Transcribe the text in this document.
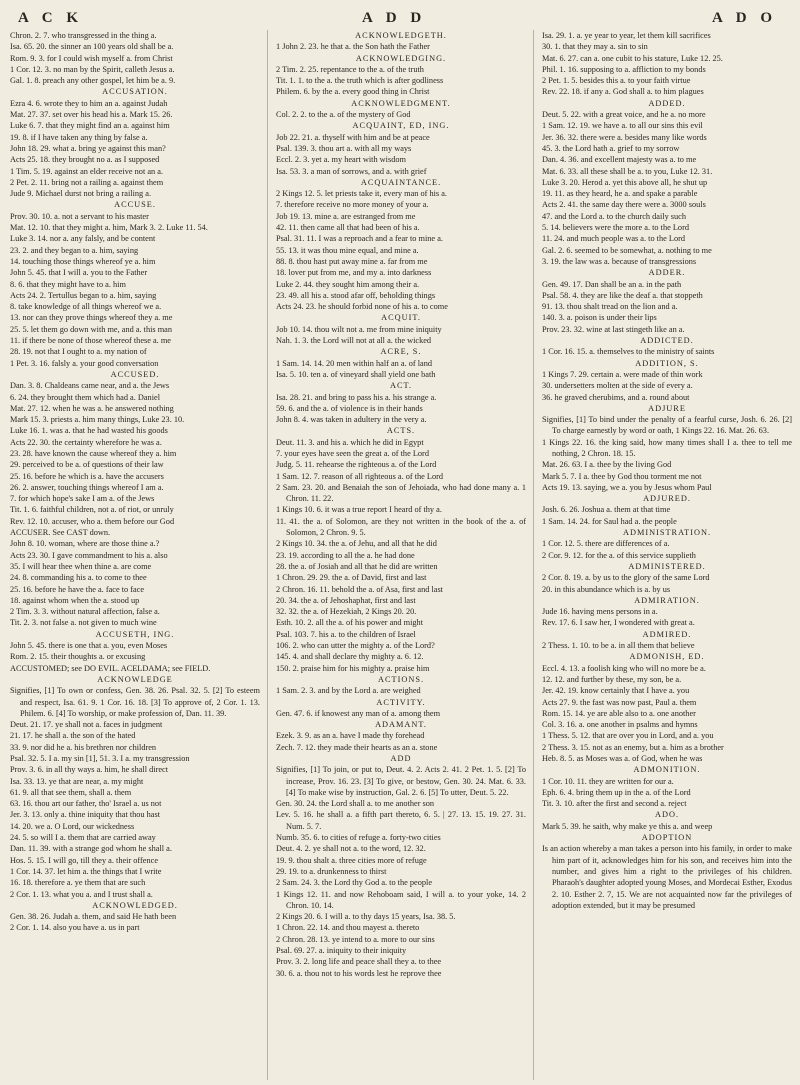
A C K	A D D	A D O

Chron. 2. 7. who transgressed in the thing a.

Isa. 65. 20. the sinner an 100 years old shall be a.

Rom. 9. 3. for I could wish myself a. from Christ

1 Cor. 12. 3. no man by the Spirit, calleth Jesus a.

Gal. 1. 8. preach any other gospel, let him be a. 9.

ACCUSATION.

Ezra 4. 6. wrote they to him an a. against Judah

Mat. 27. 37. set over his head his a. Mark 15. 26.

Luke 6. 7. that they might find an a. against him

19. 8. if I have taken any thing by false a.

John 18. 29. what a. bring ye against this man?

Acts 25. 18. they brought no a. as I supposed

1 Tim. 5. 19. against an elder receive not an a.

2 Pet. 2. 11. bring not a railing a. against them

Jude 9. Michael durst not bring a railing a.

ACCUSE.

Prov. 30. 10. a. not a servant to his master

Mat. 12. 10. that they might a. him, Mark 3. 2. Luke 11. 54.

Luke 3. 14. nor a. any falsly, and be content

23. 2. and they began to a. him, saying

14. touching those things whereof ye a. him

John 5. 45. that I will a. you to the Father

8. 6. that they might have to a. him

Acts 24. 2. Tertullus began to a. him, saying

8. take knowledge of all things whereof we a.

13. nor can they prove things whereof they a. me

25. 5. let them go down with me, and a. this man

11. if there be none of those whereof these a. me

28. 19. not that I ought to a. my nation of

1 Pet. 3. 16. falsly a. your good conversation

ACCUSED.

Dan. 3. 8. Chaldeans came near, and a. the Jews

6. 24. they brought them which had a. Daniel

Mat. 27. 12. when he was a. he answered nothing

Mark 15. 3. priests a. him many things, Luke 23. 10.

Luke 16. 1. was a. that he had wasted his goods

Acts 22. 30. the certainty wherefore he was a.

23. 28. have known the cause whereof they a. him

29. perceived to be a. of questions of their law

25. 16. before he which is a. have the accusers

26. 2. answer, touching things whereof I am a.

7. for which hope's sake I am a. of the Jews

Tit. 1. 6. faithful children, not a. of riot, or unruly

Rev. 12. 10. accuser, who a. them before our God

ACCUSER. See CAST down.

John 8. 10. woman, where are those thine a.?

Acts 23. 30. I gave commandment to his a. also

35. I will hear thee when thine a. are come

24. 8. commanding his a. to come to thee

25. 16. before he have the a. face to face

18. against whom when the a. stood up

2 Tim. 3. 3. without natural affection, false a.

Tit. 2. 3. not false a. not given to much wine

ACCUSETH, ING.

John 5. 45. there is one that a. you, even Moses

Rom. 2. 15. their thoughts a. or excusing

ACCUSTOMED; see DO EVIL. ACELDAMA; see FIELD.

ACKNOWLEDGE

Signifies, [1] To own or confess, Gen. 38. 26. Psal. 32. 5. [2] To esteem and respect, Isa. 61. 9. 1 Cor. 16. 18. [3] To approve of, 2 Cor. 1. 13. Philem. 6. [4] To worship, or make profession of, Dan. 11. 39.

Deut. 21. 17. ye shall not a. faces in judgment

21. 17. he shall a. the son of the hated

33. 9. nor did he a. his brethren nor children

Psal. 32. 5. I a. my sin [1], 51. 3. I a. my transgression

Prov. 3. 6. in all thy ways a. him, he shall direct

Isa. 33. 13. ye that are near, a. my might

61. 9. all that see them, shall a. them

63. 16. thou art our father, tho' Israel a. us not

Jer. 3. 13. only a. thine iniquity that thou hast

14. 20. we a. O Lord, our wickedness

24. 5. so will I a. them that are carried away

Dan. 11. 39. with a strange god whom he shall a.

Hos. 5. 15. I will go, till they a. their offence

1 Cor. 14. 37. let him a. the things that I write

16. 18. therefore a. ye them that are such

2 Cor. 1. 13. what you a. and I trust shall a.

ACKNOWLEDGED.

Gen. 38. 26. Judah a. them, and said He hath been

2 Cor. 1. 14. also you have a. us in part

ACKNOWLEDGETH.

1 John 2. 23. he that a. the Son hath the Father

ACKNOWLEDGING.

2 Tim. 2. 25. repentance to the a. of the truth

Tit. 1. 1. to the a. the truth which is after godliness

Philem. 6. by the a. every good thing in Christ

ACKNOWLEDGMENT.

Col. 2. 2. to the a. of the mystery of God

ACQUAINT, ED, ING.

Job 22. 21. a. thyself with him and be at peace

Psal. 139. 3. thou art a. with all my ways

Eccl. 2. 3. yet a. my heart with wisdom

Isa. 53. 3. a man of sorrows, and a. with grief

ACQUAINTANCE.

2 Kings 12. 5. let priests take it, every man of his a.

7. therefore receive no more money of your a.

Job 19. 13. mine a. are estranged from me

42. 11. then came all that had been of his a.

Psal. 31. 11. I was a reproach and a fear to mine a.

55. 13. it was thou mine equal, and mine a.

88. 8. thou hast put away mine a. far from me

18. lover put from me, and my a. into darkness

Luke 2. 44. they sought him among their a.

23. 49. all his a. stood afar off, beholding things

Acts 24. 23. he should forbid none of his a. to come

ACQUIT.

Job 10. 14. thou wilt not a. me from mine iniquity

Nah. 1. 3. the Lord will not at all a. the wicked

ACRE, S.

1 Sam. 14. 14. 20 men within half an a. of land

Isa. 5. 10. ten a. of vineyard shall yield one bath

ACT.

Isa. 28. 21. and bring to pass his a. his strange a.

59. 6. and the a. of violence is in their hands

John 8. 4. was taken in adultery in the very a.

ACTS.

Deut. 11. 3. and his a. which he did in Egypt

7. your eyes have seen the great a. of the Lord

Judg. 5. 11. rehearse the righteous a. of the Lord

1 Sam. 12. 7. reason of all righteous a. of the Lord

2 Sam. 23. 20. and Benaiah the son of Jehoiada, who had done many a. 1 Chron. 11. 22.

1 Kings 10. 6. it was a true report I heard of thy a.

11. 41. the a. of Solomon, are they not written in the book of the a. of Solomon, 2 Chron. 9. 5.

2 Kings 10. 34. the a. of Jehu, and all that he did

23. 19. according to all the a. he had done

28. the a. of Josiah and all that he did are written

1 Chron. 29. 29. the a. of David, first and last

2 Chron. 16. 11. behold the a. of Asa, first and last

20. 34. the a. of Jehoshaphat, first and last

32. 32. the a. of Hezekiah, 2 Kings 20. 20.

Esth. 10. 2. all the a. of his power and might

Psal. 103. 7. his a. to the children of Israel

106. 2. who can utter the mighty a. of the Lord?

145. 4. and shall declare thy mighty a. 6. 12.

150. 2. praise him for his mighty a. praise him

ACTIONS.

1 Sam. 2. 3. and by the Lord a. are weighed

ACTIVITY.

Gen. 47. 6. if knowest any man of a. among them

ADAMANT.

Ezek. 3. 9. as an a. have I made thy forehead

Zech. 7. 12. they made their hearts as an a. stone

ADD

Signifies, [1] To join, or put to, Deut. 4. 2. Acts 2. 41. 2 Pet. 1. 5. [2] To increase, Prov. 16. 23. [3] To give, or bestow, Gen. 30. 24. Mat. 6. 33. [4] To make wise by instruction, Gal. 2. 6. [5] To utter, Deut. 5. 22.

Gen. 30. 24. the Lord shall a. to me another son

Lev. 5. 16. he shall a. a fifth part thereto, 6. 5. | 27. 13. 15. 19. 27. 31. Num. 5. 7.

Numb. 35. 6. to cities of refuge a. forty-two cities

Deut. 4. 2. ye shall not a. to the word, 12. 32.

19. 9. thou shalt a. three cities more of refuge

29. 19. to a. drunkenness to thirst

2 Sam. 24. 3. the Lord thy God a. to the people

1 Kings 12. 11. and now Rehoboam said, I will a. to your yoke, 14. 2 Chron. 10. 14.

2 Kings 20. 6. I will a. to thy days 15 years, Isa. 38. 5.

1 Chron. 22. 14. and thou mayest a. thereto

2 Chron. 28. 13. ye intend to a. more to our sins

Psal. 69. 27. a. iniquity to their iniquity

Prov. 3. 2. long life and peace shall they a. to thee

30. 6. a. thou not to his words lest he reprove thee

Isa. 29. 1. a. ye year to year, let them kill sacrifices

30. 1. that they may a. sin to sin

Mat. 6. 27. can a. one cubit to his stature, Luke 12. 25.

Phil. 1. 16. supposing to a. affliction to my bonds

2 Pet. 1. 5. besides this a. to your faith virtue

Rev. 22. 18. if any a. God shall a. to him plagues

ADDED.

Deut. 5. 22. with a great voice, and he a. no more

1 Sam. 12. 19. we have a. to all our sins this evil

Jer. 36. 32. there were a. besides many like words

45. 3. the Lord hath a. grief to my sorrow

Dan. 4. 36. and excellent majesty was a. to me

Mat. 6. 33. all these shall be a. to you, Luke 12. 31.

Luke 3. 20. Herod a. yet this above all, he shut up

19. 11. as they heard, he a. and spake a parable

Acts 2. 41. the same day there were a. 3000 souls

47. and the Lord a. to the church daily such

5. 14. believers were the more a. to the Lord

11. 24. and much people was a. to the Lord

Gal. 2. 6. seemed to be somewhat, a. nothing to me

3. 19. the law was a. because of transgressions

ADDER.

Gen. 49. 17. Dan shall be an a. in the path

Psal. 58. 4. they are like the deaf a. that stoppeth

91. 13. thou shalt tread on the lion and a.

140. 3. a. poison is under their lips

Prov. 23. 32. wine at last stingeth like an a.

ADDICTED.

1 Cor. 16. 15. a. themselves to the ministry of saints

ADDITION, S.

1 Kings 7. 29. certain a. were made of thin work

30. undersetters molten at the side of every a.

36. he graved cherubims, and a. round about

ADJURE

Signifies, [1] To bind under the penalty of a fearful curse, Josh. 6. 26. [2] To charge earnestly by word or oath, 1 Kings 22. 16. Mat. 26. 63.

1 Kings 22. 16. the king said, how many times shall I a. thee to tell me nothing, 2 Chron. 18. 15.

Mat. 26. 63. I a. thee by the living God

Mark 5. 7. I a. thee by God thou torment me not

Acts 19. 13. saying, we a. you by Jesus whom Paul

ADJURED.

Josh. 6. 26. Joshua a. them at that time

1 Sam. 14. 24. for Saul had a. the people

ADMINISTRATION.

1 Cor. 12. 5. there are differences of a.

2 Cor. 9. 12. for the a. of this service supplieth

ADMINISTERED.

2 Cor. 8. 19. a. by us to the glory of the same Lord

20. in this abundance which is a. by us

ADMIRATION.

Jude 16. having mens persons in a.

Rev. 17. 6. I saw her, I wondered with great a.

ADMIRED.

2 Thess. 1. 10. to be a. in all them that believe

ADMONISH, ED.

Eccl. 4. 13. a foolish king who will no more be a.

12. 12. and further by these, my son, be a.

Jer. 42. 19. know certainly that I have a. you

Acts 27. 9. the fast was now past, Paul a. them

Rom. 15. 14. ye are able also to a. one another

Col. 3. 16. a. one another in psalms and hymns

1 Thess. 5. 12. that are over you in Lord, and a. you

2 Thess. 3. 15. not as an enemy, but a. him as a brother

Heb. 8. 5. as Moses was a. of God, when he was

ADMONITION.

1 Cor. 10. 11. they are written for our a.

Eph. 6. 4. bring them up in the a. of the Lord

Tit. 3. 10. after the first and second a. reject

ADO.

Mark 5. 39. he saith, why make ye this a. and weep

ADOPTION

Is an action whereby a man takes a person into his family, in order to make him part of it, acknowledges him for his son, and receives him into the number, and gives him a right to the privileges of his children. Pharaoh's daughter adopted young Moses, and Mordecai Esther, Exodus 2. 10. Esther 2. 7, 15. We are not acquainted now far the privileges of adoption extended, but it may be presumed
